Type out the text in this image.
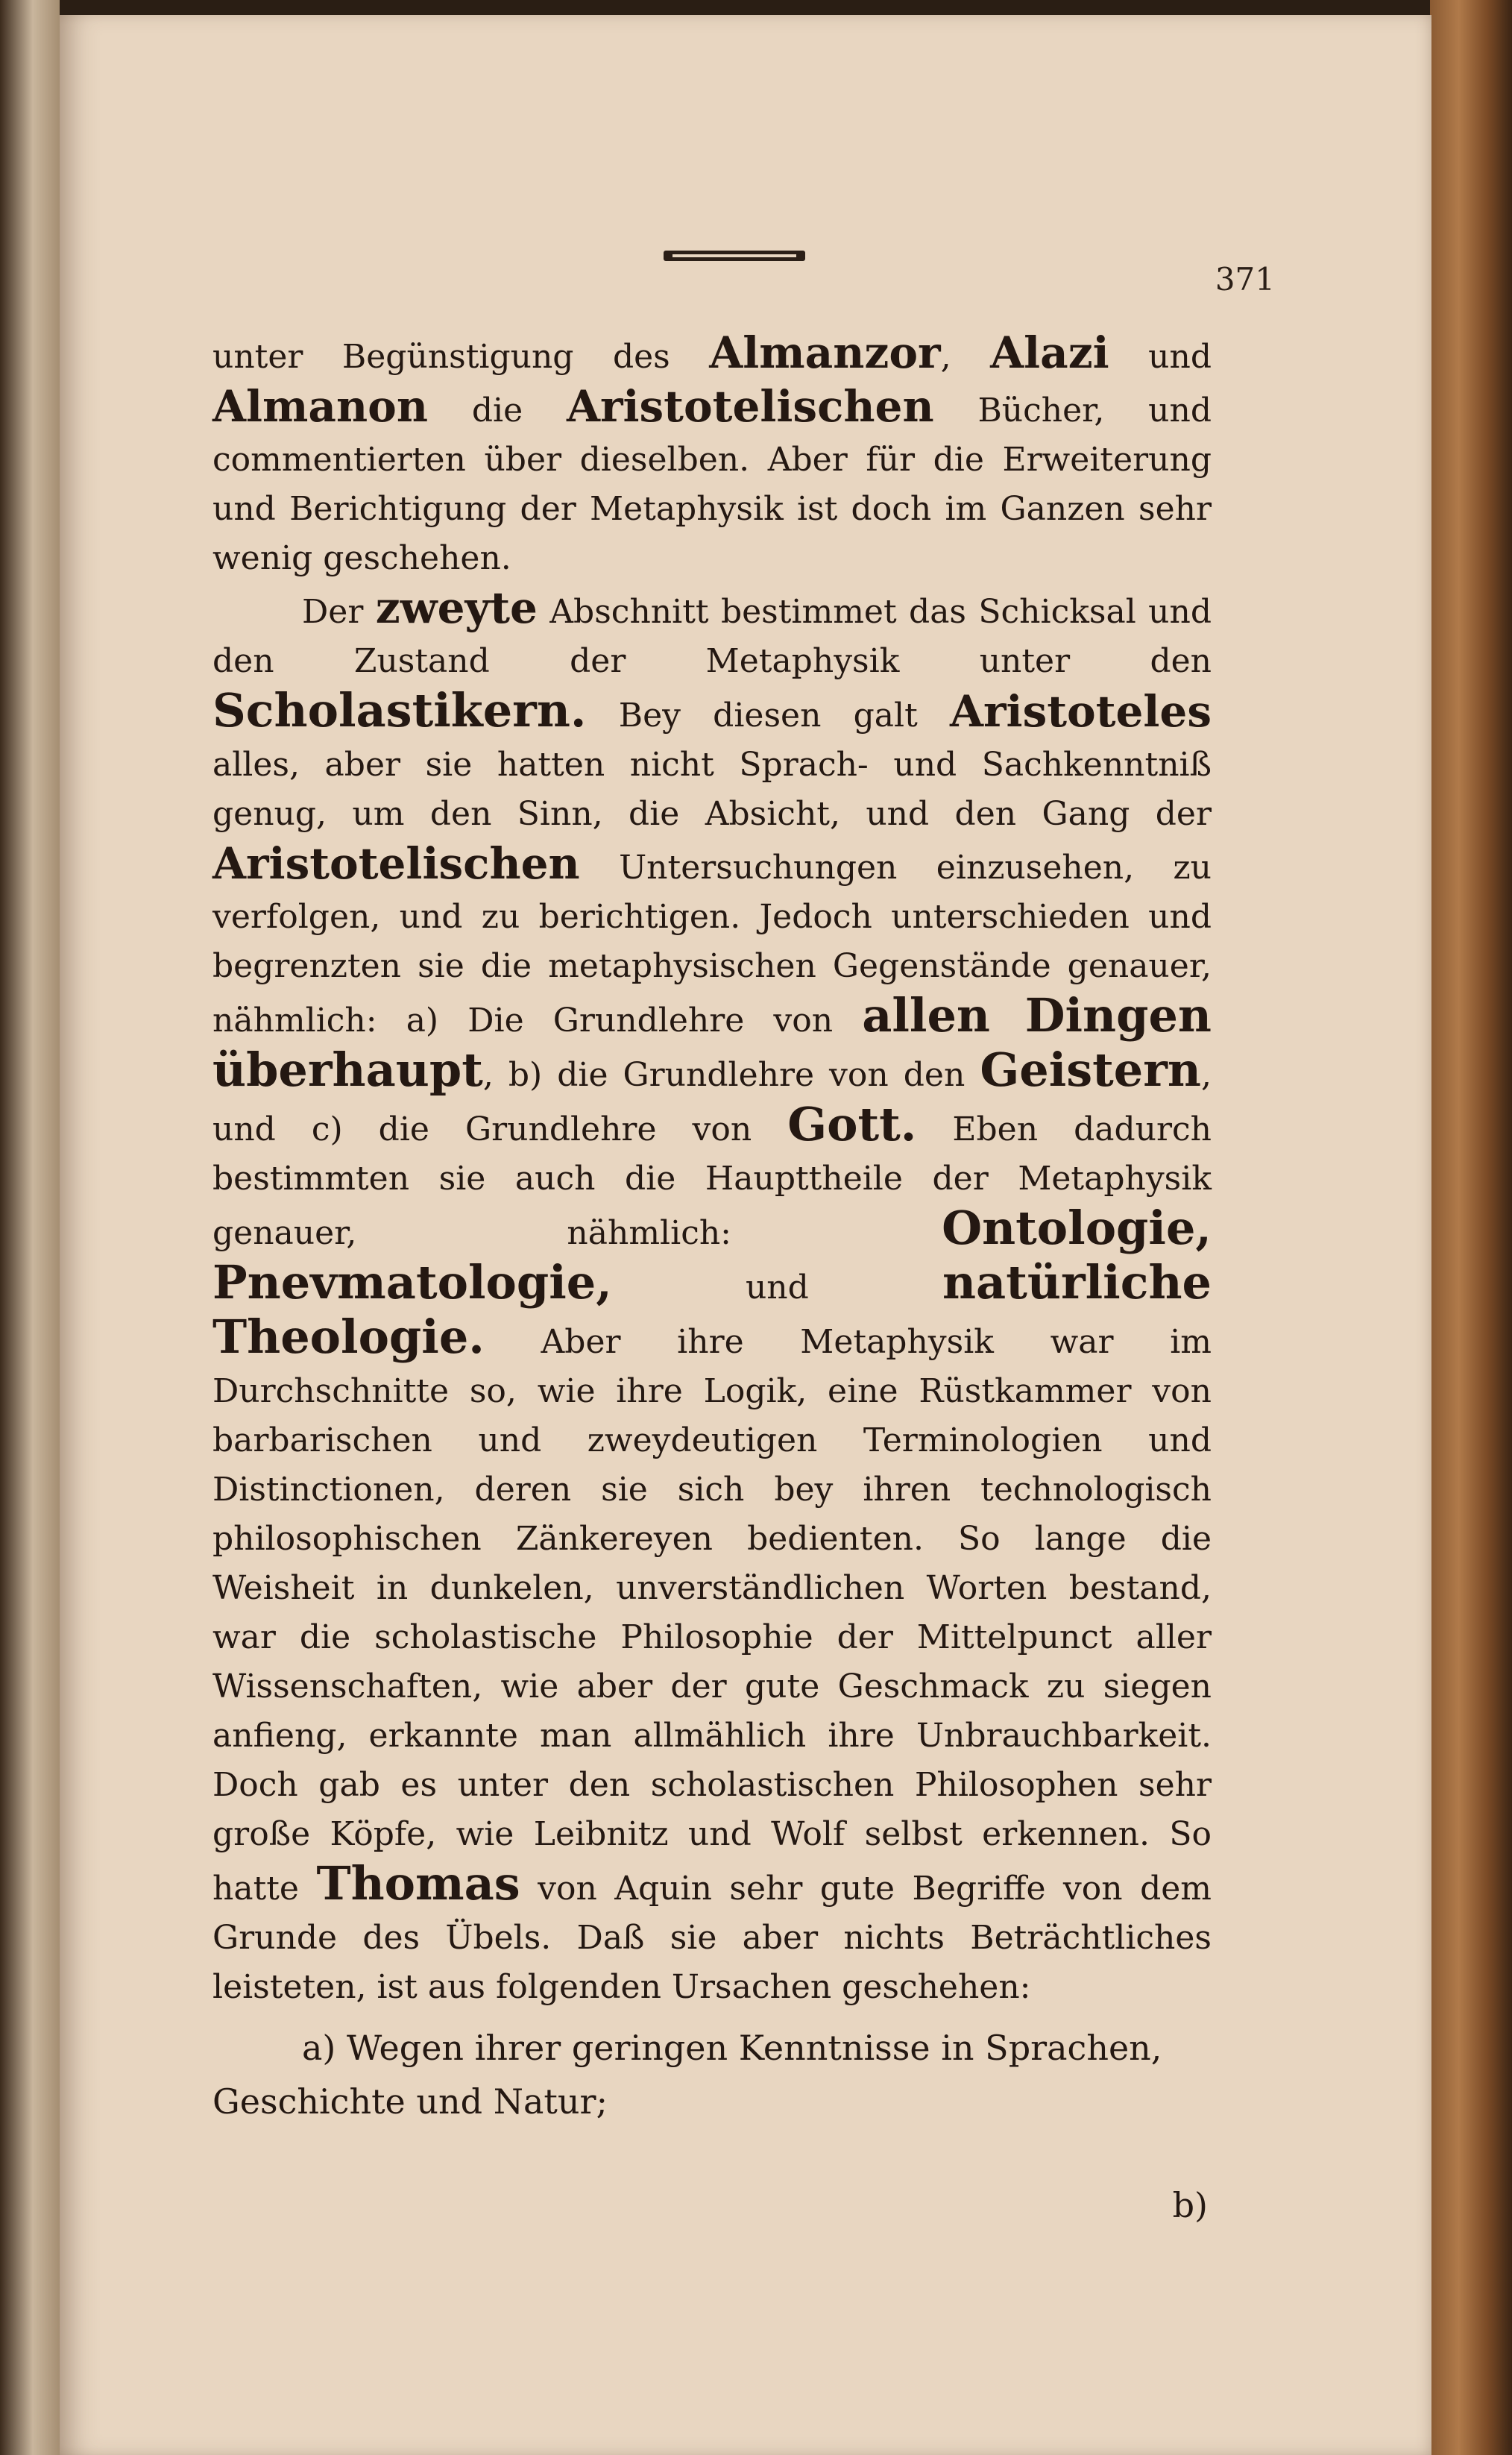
371

unter Begünstigung des Almanzor, Alazi und Almanon die Aristotelischen Bücher, und commentierten über dieselben. Aber für die Erweiterung und Berichtigung der Metaphysik ist doch im Ganzen sehr wenig geschehen.

Der zweyte Abschnitt bestimmet das Schicksal und den Zustand der Metaphysik unter den Scholastikern. Bey diesen galt Aristoteles alles, aber sie hatten nicht Sprach- und Sachkenntniß genug, um den Sinn, die Absicht, und den Gang der Aristotelischen Untersuchungen einzusehen, zu verfolgen, und zu berichtigen. Jedoch unterschieden und begrenzten sie die metaphysischen Gegenstände genauer, nähmlich: a) Die Grundlehre von allen Dingen überhaupt, b) die Grundlehre von den Geistern, und c) die Grundlehre von Gott. Eben dadurch bestimmten sie auch die Haupttheile der Metaphysik genauer, nähmlich: Ontologie, Pnevmatologie, und natürliche Theologie. Aber ihre Metaphysik war im Durchschnitte so, wie ihre Logik, eine Rüstkammer von barbarischen und zweydeutigen Terminologien und Distinctionen, deren sie sich bey ihren technologisch philosophischen Zänkereyen bedienten. So lange die Weisheit in dunkelen, unverständlichen Worten bestand, war die scholastische Philosophie der Mittelpunct aller Wissenschaften, wie aber der gute Geschmack zu siegen anfieng, erkannte man allmählich ihre Unbrauchbarkeit. Doch gab es unter den scholastischen Philosophen sehr große Köpfe, wie Leibnitz und Wolf selbst erkennen. So hatte Thomas von Aquin sehr gute Begriffe von dem Grunde des Übels. Daß sie aber nichts Beträchtliches leisteten, ist aus folgenden Ursachen geschehen:

a) Wegen ihrer geringen Kenntnisse in Sprachen, Geschichte und Natur;

b)
